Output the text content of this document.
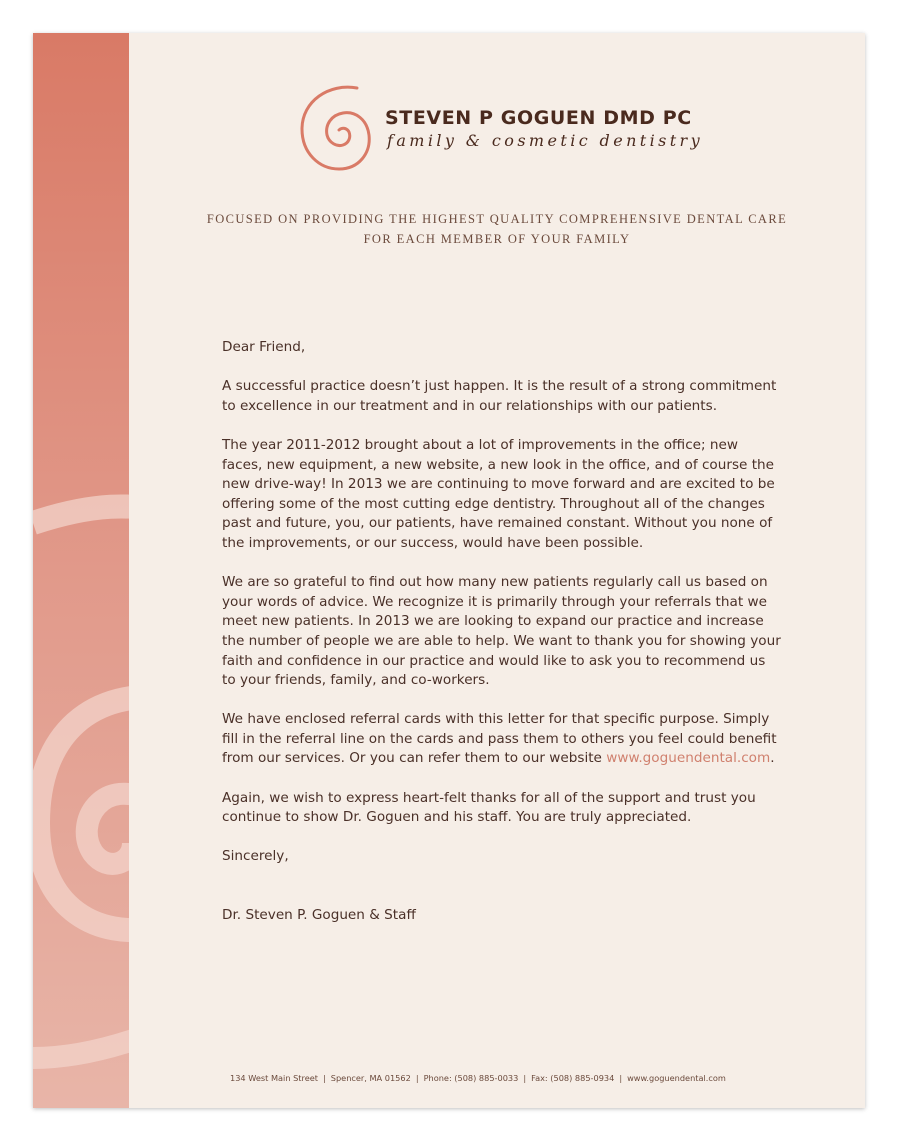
STEVEN P GOGUEN DMD PC
family & cosmetic dentistry
FOCUSED ON PROVIDING THE HIGHEST QUALITY COMPREHENSIVE DENTAL CARE
FOR EACH MEMBER OF YOUR FAMILY

Dear Friend,

A successful practice doesn’t just happen. It is the result of a strong commitment to excellence in our treatment and in our relationships with our patients.

The year 2011-2012 brought about a lot of improvements in the office; new faces, new equipment, a new website, a new look in the office, and of course the new drive-way! In 2013 we are continuing to move forward and are excited to be offering some of the most cutting edge dentistry. Throughout all of the changes past and future, you, our patients, have remained constant. Without you none of the improvements, or our success, would have been possible.

We are so grateful to find out how many new patients regularly call us based on your words of advice. We recognize it is primarily through your referrals that we meet new patients. In 2013 we are looking to expand our practice and increase the number of people we are able to help. We want to thank you for showing your faith and confidence in our practice and would like to ask you to recommend us to your friends, family, and co-workers.

We have enclosed referral cards with this letter for that specific purpose. Simply fill in the referral line on the cards and pass them to others you feel could benefit from our services. Or you can refer them to our website www.goguendental.com.

Again, we wish to express heart-felt thanks for all of the support and trust you continue to show Dr. Goguen and his staff. You are truly appreciated.

Sincerely,

Dr. Steven P. Goguen & Staff

134 West Main Street | Spencer, MA 01562 | Phone: (508) 885-0033 | Fax: (508) 885-0934 | www.goguendental.com
